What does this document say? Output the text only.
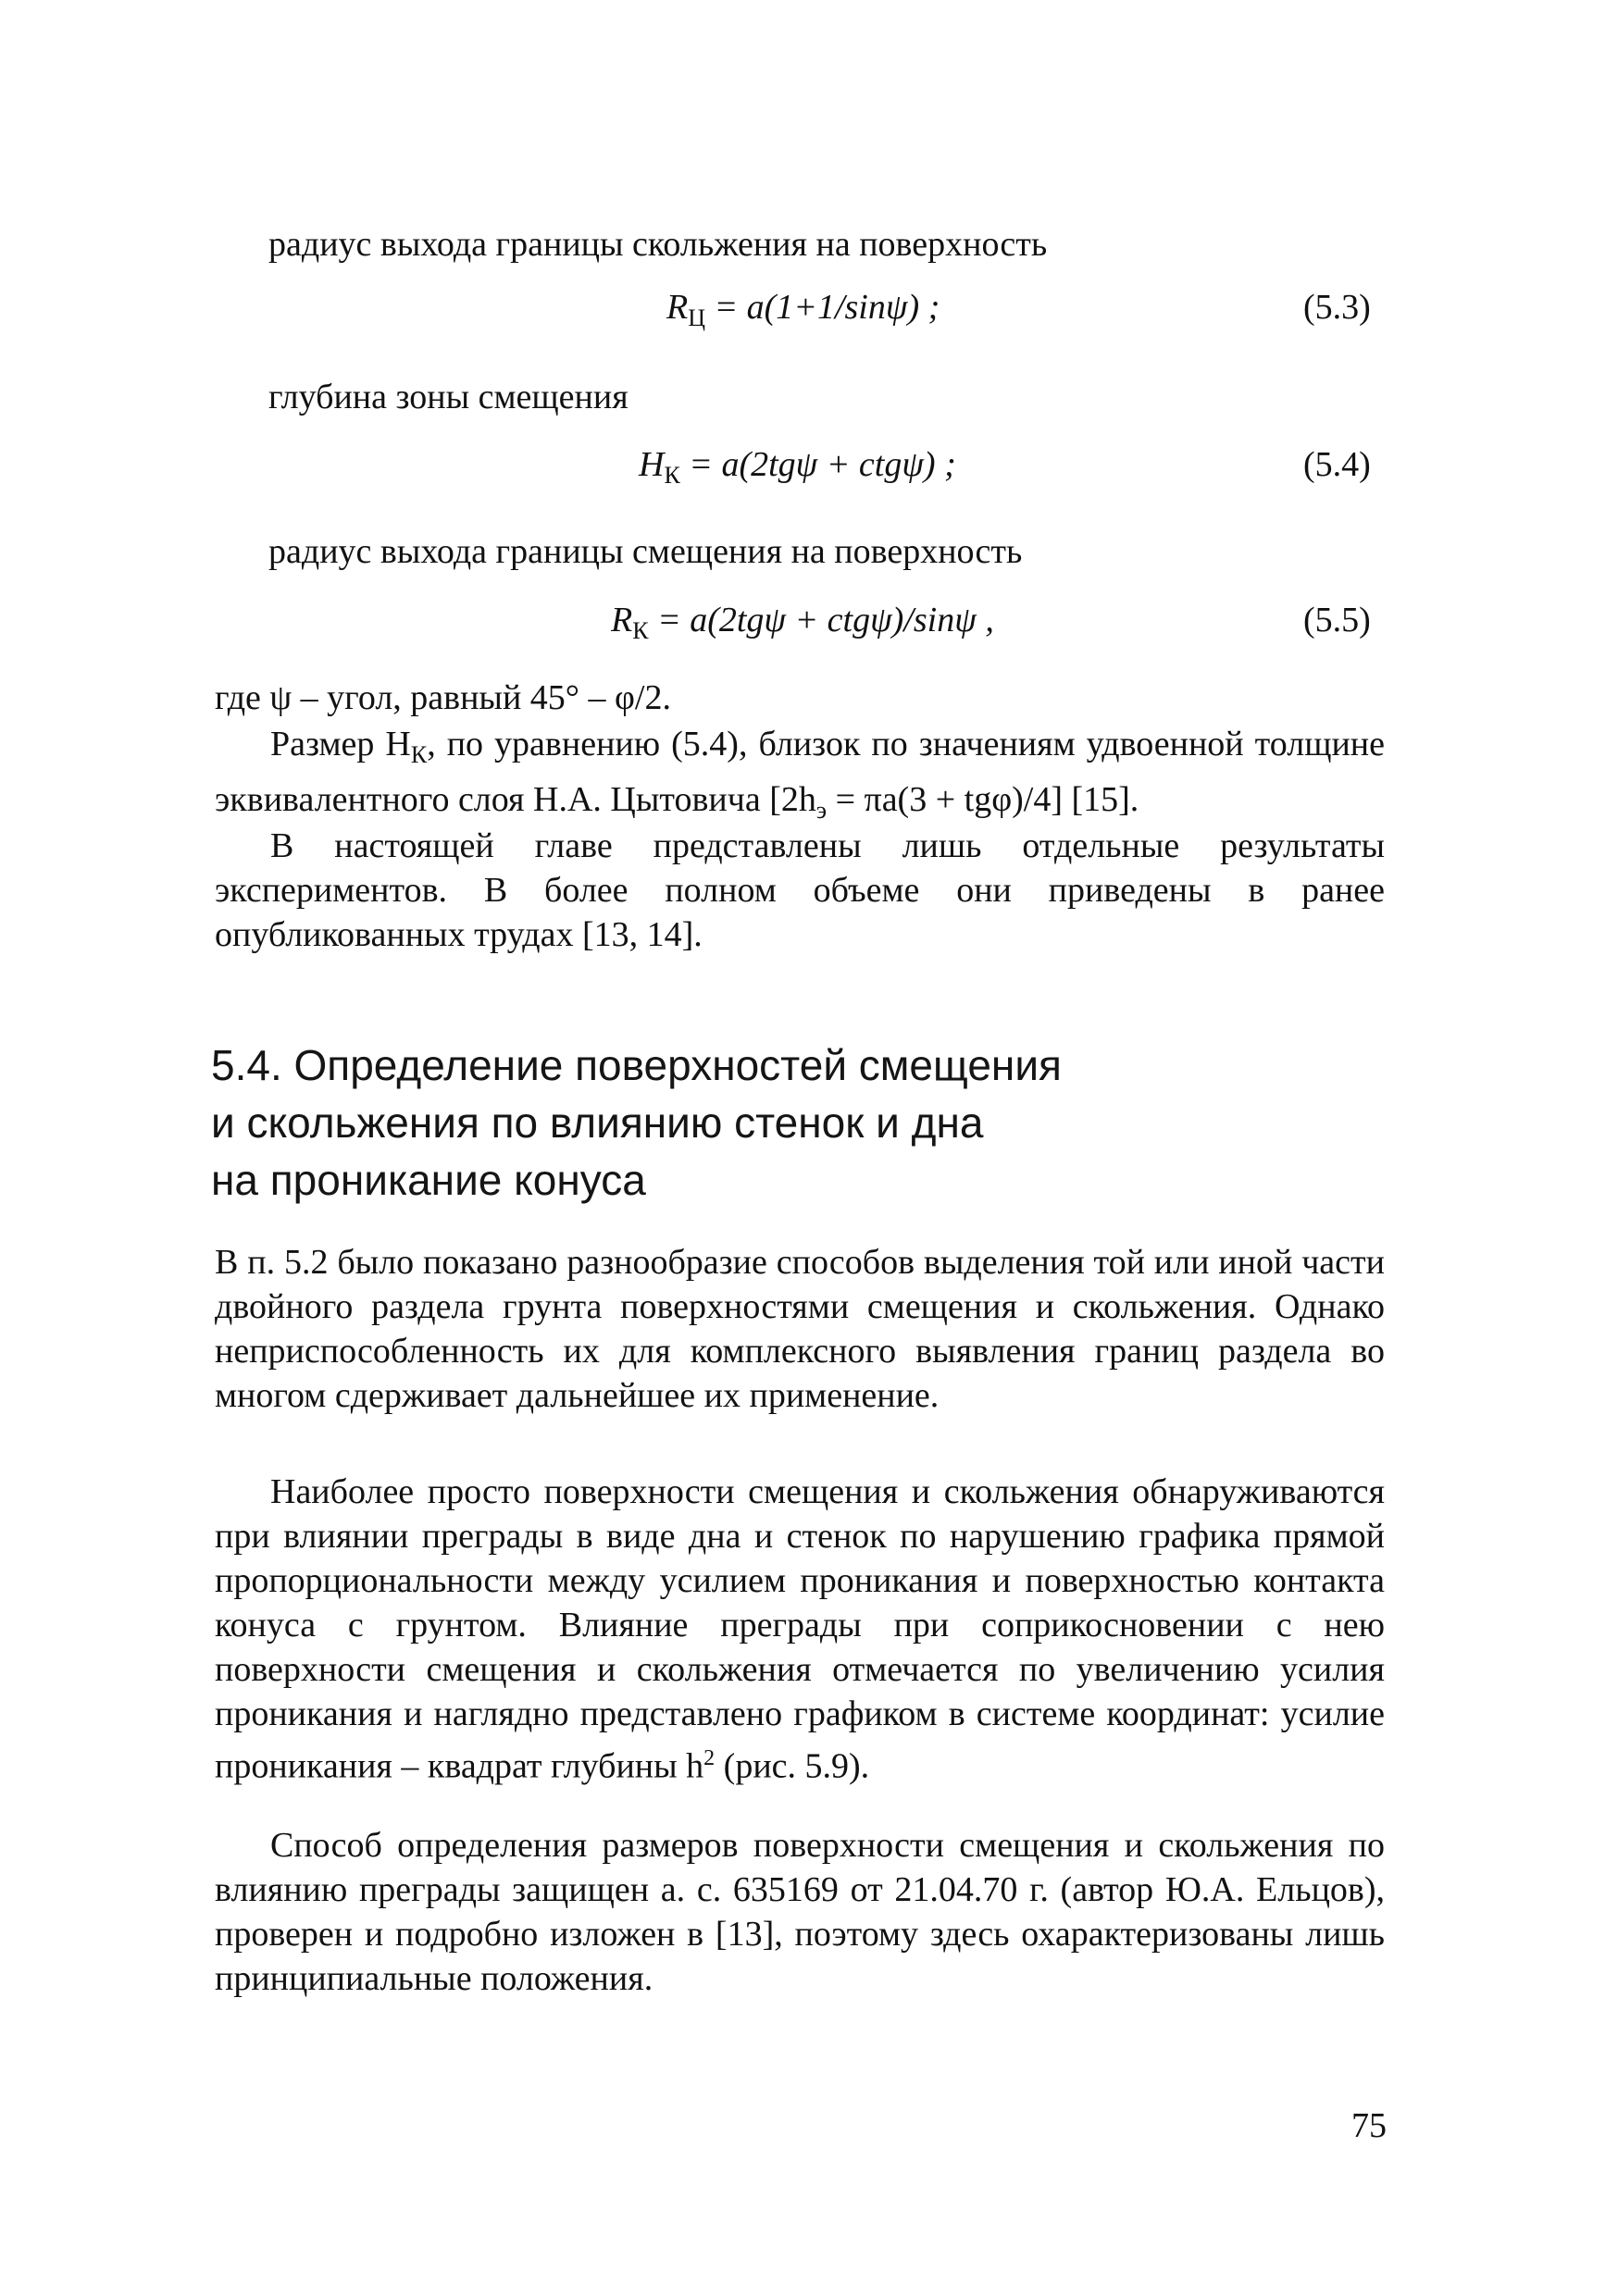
радиус выхода границы скольжения на поверхность
$R_Ц = a(1+1/\sin\psi)$ ;	(5.3)
глубина зоны смещения
$H_К = a(2tg\psi + ctg\psi)$ ;	(5.4)
радиус выхода границы смещения на поверхность
$R_К = a(2tg\psi + ctg\psi)/\sin\psi$ ,	(5.5)
где ψ – угол, равный 45° – φ/2.
Размер $H_К$, по уравнению (5.4), близок по значениям удвоенной толщине эквивалентного слоя Н.А. Цытовича $[2h_э = \pi a(3 + tg\varphi)/4]$ [15].
В настоящей главе представлены лишь отдельные результаты экспериментов. В более полном объеме они приведены в ранее опубликованных трудах [13, 14].
5.4. Определение поверхностей смещения
и скольжения по влиянию стенок и дна
на проникание конуса
В п. 5.2 было показано разнообразие способов выделения той или иной части двойного раздела грунта поверхностями смещения и скольжения. Однако неприспособленность их для комплексного выявления границ раздела во многом сдерживает дальнейшее их применение.
Наиболее просто поверхности смещения и скольжения обнаруживаются при влиянии преграды в виде дна и стенок по нарушению графика прямой пропорциональности между усилием проникания и поверхностью контакта конуса с грунтом. Влияние преграды при соприкосновении с нею поверхности смещения и скольжения отмечается по увеличению усилия проникания и наглядно представлено графиком в системе координат: усилие проникания – квадрат глубины $h^2$ (рис. 5.9).
Способ определения размеров поверхности смещения и скольжения по влиянию преграды защищен а. с. 635169 от 21.04.70 г. (автор Ю.А. Ельцов), проверен и подробно изложен в [13], поэтому здесь охарактеризованы лишь принципиальные положения.
75
